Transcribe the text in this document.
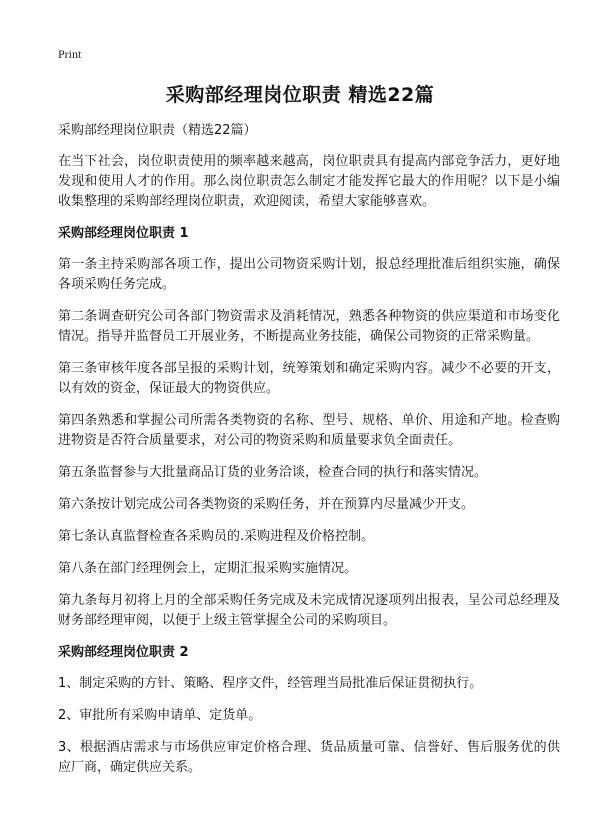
Print
采购部经理岗位职责 精选22篇

采购部经理岗位职责（精选22篇）

在当下社会，岗位职责使用的频率越来越高，岗位职责具有提高内部竞争活力，更好地发现和使用人才的作用。那么岗位职责怎么制定才能发挥它最大的作用呢？以下是小编收集整理的采购部经理岗位职责，欢迎阅读，希望大家能够喜欢。

采购部经理岗位职责 1

第一条主持采购部各项工作，提出公司物资采购计划，报总经理批准后组织实施，确保各项采购任务完成。

第二条调查研究公司各部门物资需求及消耗情况，熟悉各种物资的供应渠道和市场变化情况。指导并监督员工开展业务，不断提高业务技能，确保公司物资的正常采购量。

第三条审核年度各部呈报的采购计划，统筹策划和确定采购内容。减少不必要的开支，以有效的资金，保证最大的物资供应。

第四条熟悉和掌握公司所需各类物资的名称、型号、规格、单价、用途和产地。检查购进物资是否符合质量要求，对公司的物资采购和质量要求负全面责任。

第五条监督参与大批量商品订货的业务洽谈，检查合同的执行和落实情况。

第六条按计划完成公司各类物资的采购任务，并在预算内尽量减少开支。

第七条认真监督检查各采购员的.采购进程及价格控制。

第八条在部门经理例会上，定期汇报采购实施情况。

第九条每月初将上月的全部采购任务完成及未完成情况逐项列出报表，呈公司总经理及财务部经理审阅，以便于上级主管掌握全公司的采购项目。

采购部经理岗位职责 2

1、制定采购的方针、策略、程序文件，经管理当局批准后保证贯彻执行。

2、审批所有采购申请单、定货单。

3、根据酒店需求与市场供应审定价格合理、货品质量可靠、信誉好、售后服务优的供应厂商，确定供应关系。
